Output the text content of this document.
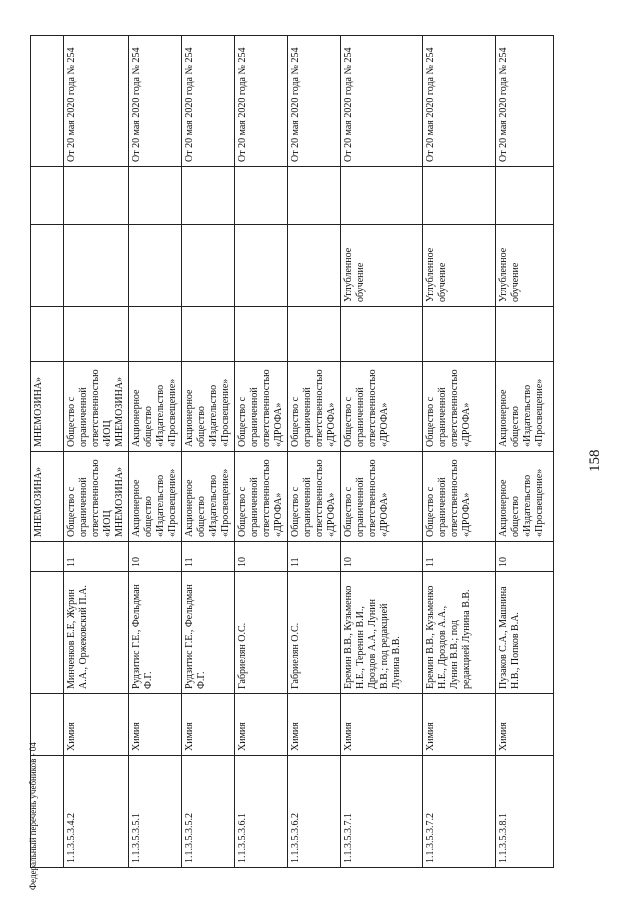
158
				МНЕМОЗИНА»	МНЕМОЗИНА»				
1.1.3.5.3.4.2	Химия	Минченков Е.Е, Журин А.А., Оржековский П.А.	11	Общество с ограниченной ответственностью «ИОЦ МНЕМОЗИНА»	Общество с ограниченной ответственностью «ИОЦ МНЕМОЗИНА»				От 20 мая 2020 года № 254
1.1.3.5.3.5.1	Химия	Рудзитис Г.Е., Фельдман Ф.Г.	10	Акционерное общество «Издательство «Просвещение»	Акционерное общество «Издательство «Просвещение»				От 20 мая 2020 года № 254
1.1.3.5.3.5.2	Химия	Рудзитис Г.Е., Фельдман Ф.Г.	11	Акционерное общество «Издательство «Просвещение»	Акционерное общество «Издательство «Просвещение»				От 20 мая 2020 года № 254
1.1.3.5.3.6.1	Химия	Габриелян О.С.	10	Общество с ограниченной ответственностью «ДРОФА»	Общество с ограниченной ответственностью «ДРОФА»				От 20 мая 2020 года № 254
1.1.3.5.3.6.2	Химия	Габриелян О.С.	11	Общество с ограниченной ответственностью «ДРОФА»	Общество с ограниченной ответственностью «ДРОФА»				От 20 мая 2020 года № 254
1.1.3.5.3.7.1	Химия	Еремин В.В., Кузьменко Н.Е., Теренин В.И., Дроздов А.А., Лунин В.В.; под редакцией Лунина В.В.	10	Общество с ограниченной ответственностью «ДРОФА»	Общество с ограниченной ответственностью «ДРОФА»		Углубленное обучение		От 20 мая 2020 года № 254
1.1.3.5.3.7.2	Химия	Еремин В.В., Кузьменко Н.Е., Дроздов А.А., Лунин В.В.; под редакцией Лунина В.В.	11	Общество с ограниченной ответственностью «ДРОФА»	Общество с ограниченной ответственностью «ДРОФА»		Углубленное обучение		От 20 мая 2020 года № 254
1.1.3.5.3.8.1	Химия	Пузаков С.А., Машнина Н.В., Попков В.А.	10	Акционерное общество «Издательство «Просвещение»	Акционерное общество «Издательство «Просвещение»		Углубленное обучение		От 20 мая 2020 года № 254
Федеральный перечень учебников - 04
